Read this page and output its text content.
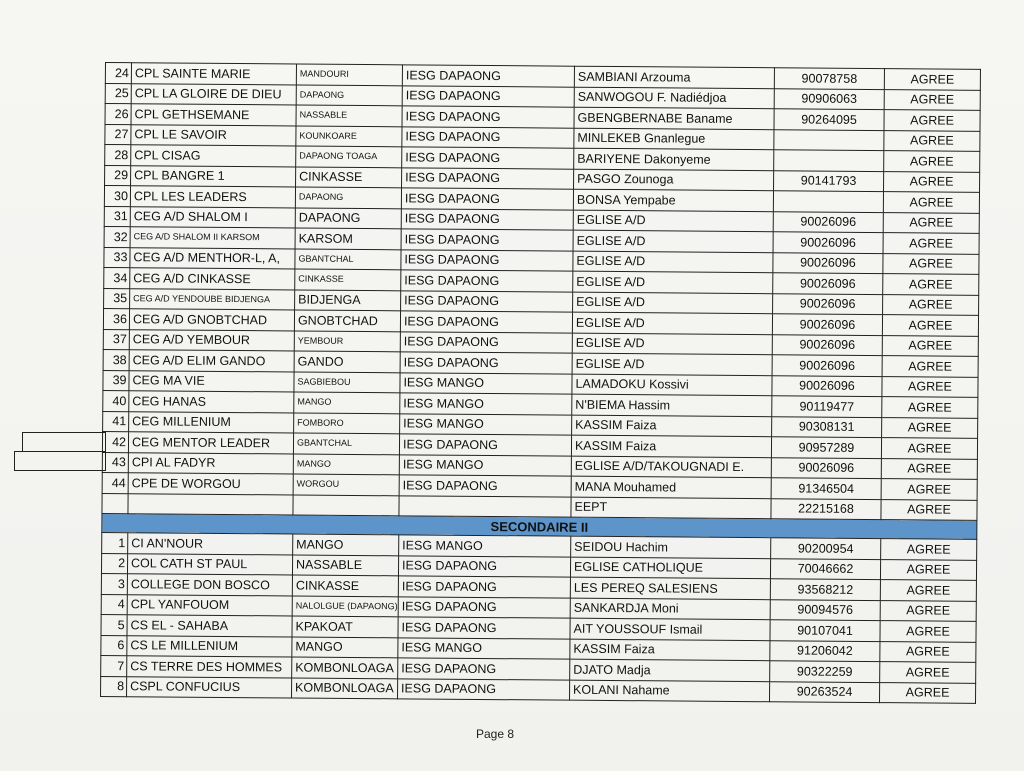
24	CPL SAINTE MARIE	MANDOURI	IESG DAPAONG	SAMBIANI Arzouma	90078758	AGREE
25	CPL LA GLOIRE DE DIEU	DAPAONG	IESG DAPAONG	SANWOGOU F. Nadiédjoa	90906063	AGREE
26	CPL GETHSEMANE	NASSABLE	IESG DAPAONG	GBENGBERNABE Baname	90264095	AGREE
27	CPL LE SAVOIR	KOUNKOARE	IESG DAPAONG	MINLEKEB Gnanlegue		AGREE
28	CPL CISAG	DAPAONG TOAGA	IESG DAPAONG	BARIYENE Dakonyeme		AGREE
29	CPL BANGRE 1	CINKASSE	IESG DAPAONG	PASGO Zounoga	90141793	AGREE
30	CPL LES LEADERS	DAPAONG	IESG DAPAONG	BONSA Yempabe		AGREE
31	CEG A/D SHALOM I	DAPAONG	IESG DAPAONG	EGLISE A/D	90026096	AGREE
32	CEG A/D SHALOM II KARSOM	KARSOM	IESG DAPAONG	EGLISE A/D	90026096	AGREE
33	CEG A/D MENTHOR-L, A,	GBANTCHAL	IESG DAPAONG	EGLISE A/D	90026096	AGREE
34	CEG A/D CINKASSE	CINKASSE	IESG DAPAONG	EGLISE A/D	90026096	AGREE
35	CEG A/D YENDOUBE BIDJENGA	BIDJENGA	IESG DAPAONG	EGLISE A/D	90026096	AGREE
36	CEG A/D GNOBTCHAD	GNOBTCHAD	IESG DAPAONG	EGLISE A/D	90026096	AGREE
37	CEG A/D YEMBOUR	YEMBOUR	IESG DAPAONG	EGLISE A/D	90026096	AGREE
38	CEG A/D ELIM GANDO	GANDO	IESG DAPAONG	EGLISE A/D	90026096	AGREE
39	CEG MA VIE	SAGBIEBOU	IESG MANGO	LAMADOKU Kossivi	90026096	AGREE
40	CEG HANAS	MANGO	IESG MANGO	N'BIEMA Hassim	90119477	AGREE
41	CEG MILLENIUM	FOMBORO	IESG MANGO	KASSIM Faiza	90308131	AGREE
42	CEG MENTOR LEADER	GBANTCHAL	IESG DAPAONG	KASSIM Faiza	90957289	AGREE
43	CPI AL FADYR	MANGO	IESG MANGO	EGLISE A/D/TAKOUGNADI E.	90026096	AGREE
44	CPE DE WORGOU	WORGOU	IESG DAPAONG	MANA Mouhamed	91346504	AGREE
				EEPT	22215168	AGREE
SECONDAIRE II						
1	CI AN'NOUR	MANGO	IESG MANGO	SEIDOU Hachim	90200954	AGREE
2	COL CATH ST PAUL	NASSABLE	IESG DAPAONG	EGLISE CATHOLIQUE	70046662	AGREE
3	COLLEGE DON BOSCO	CINKASSE	IESG DAPAONG	LES PEREQ SALESIENS	93568212	AGREE
4	CPL YANFOUOM	NALOLGUE (DAPAONG)	IESG DAPAONG	SANKARDJA Moni	90094576	AGREE
5	CS EL - SAHABA	KPAKOAT	IESG DAPAONG	AIT YOUSSOUF Ismail	90107041	AGREE
6	CS LE MILLENIUM	MANGO	IESG MANGO	KASSIM Faiza	91206042	AGREE
7	CS TERRE DES HOMMES	KOMBONLOAGA	IESG DAPAONG	DJATO Madja	90322259	AGREE
8	CSPL CONFUCIUS	KOMBONLOAGA	IESG DAPAONG	KOLANI Nahame	90263524	AGREE
Page 8
